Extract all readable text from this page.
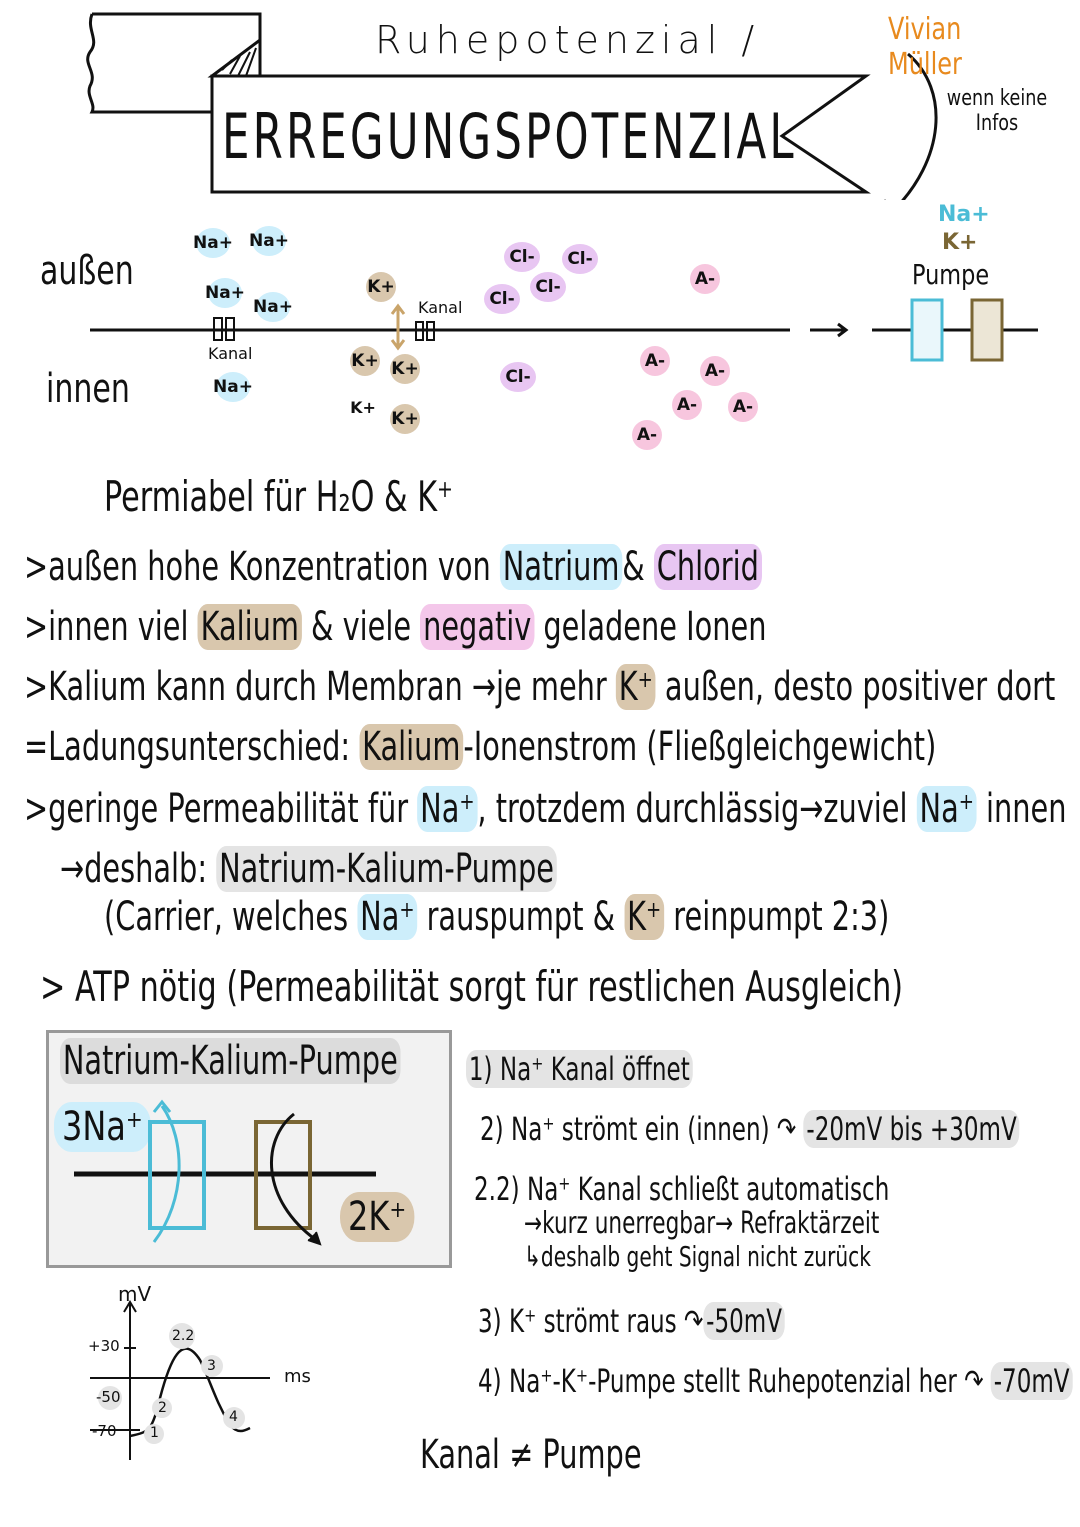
Ruhepotenzial /
ERREGUNGSPOTENZIAL
Vivian Müller
wenn keine
Infos
außen
innen
Kanal
Kanal
Na+ Na+
Na+
Na+
Na+
K+
K+ K+
K+
K+
Cl-	Cl-
Cl-
Cl-
Cl-
A-
A- A-
A- A-
A-
Na+
K+
Pumpe
Permiabel für H₂O & K⁺
>außen hohe Konzentration von Natrium& Chlorid
>innen viel Kalium & viele negativ geladene Ionen
>Kalium kann durch Membran →je mehr K⁺ außen, desto positiver dort
=Ladungsunterschied: Kalium-Ionenstrom (Fließgleichgewicht)
>geringe Permeabilität für Na⁺, trotzdem durchlässig→zuviel Na⁺ innen
→deshalb: Natrium-Kalium-Pumpe
(Carrier, welches Na⁺ rauspumpt & K⁺ reinpumpt 2:3)
> ATP nötig (Permeabilität sorgt für restlichen Ausgleich)
Natrium-Kalium-Pumpe
3Na⁺
2K⁺
mV
ms
+30
-50
-70 1
2
2.2
3
4
1) Na⁺ Kanal öffnet
2) Na⁺ strömt ein (innen) ↷ -20mV bis +30mV
2.2) Na⁺ Kanal schließt automatisch
→kurz unerregbar→ Refraktärzeit
↳deshalb geht Signal nicht zurück
3) K⁺ strömt raus ↷-50mV
4) Na⁺-K⁺-Pumpe stellt Ruhepotenzial her ↷ -70mV
Kanal ≠ Pumpe
